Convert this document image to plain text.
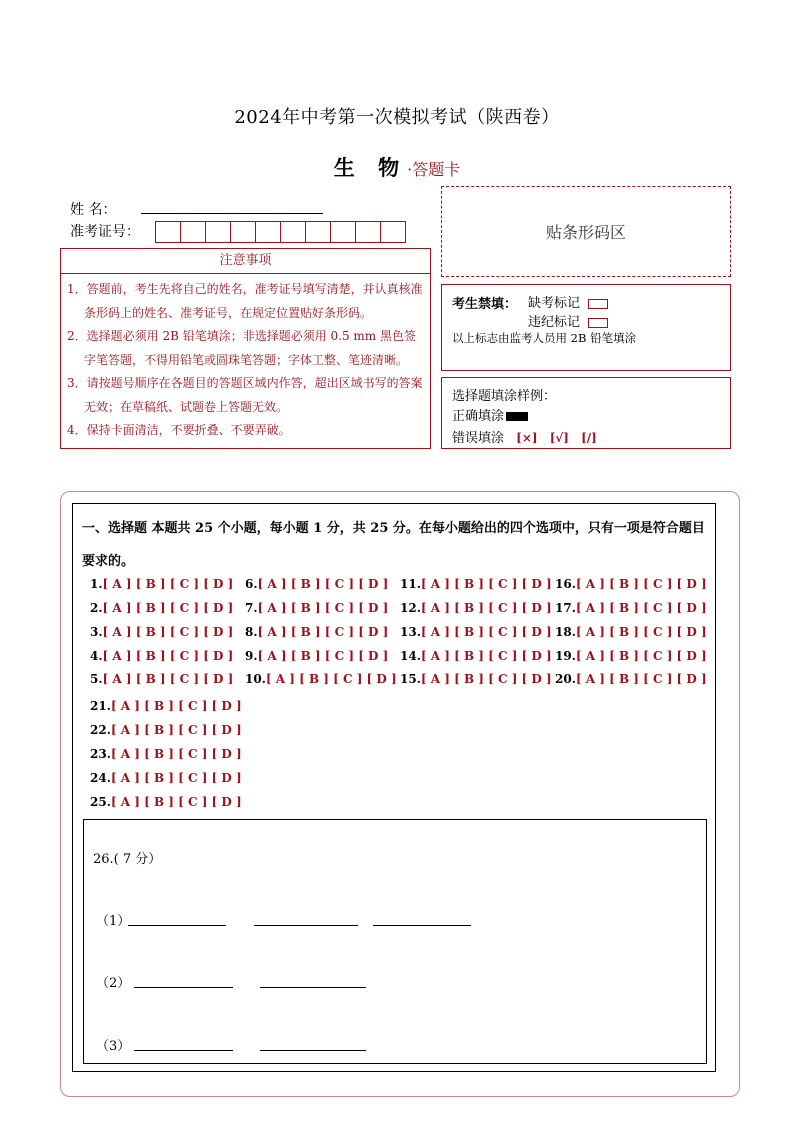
2024年中考第一次模拟考试（陕西卷）
生 物·答题卡
姓 名：
准考证号：	贴条形码区
注意事项
1．答题前，考生先将自己的姓名，准考证号填写清楚，并认真核准条形码上的姓名、准考证号，在规定位置贴好条形码。
2．选择题必须用 2B 铅笔填涂；非选择题必须用 0.5 mm 黑色签字笔答题，不得用铅笔或圆珠笔答题；字体工整、笔迹清晰。
3．请按题号顺序在各题目的答题区域内作答，超出区域书写的答案无效；在草稿纸、试题卷上答题无效。
4．保持卡面清洁，不要折叠、不要弄破。
考生禁填： 缺考标记
违纪标记
以上标志由监考人员用 2B 铅笔填涂
选择题填涂样例：
正确填涂
错误填涂 [×] [√] [/]
一、选择题 本题共 25 个小题，每小题 1 分，共 25 分。在每小题给出的四个选项中，只有一项是符合题目要求的。
1.[ A ] [ B ] [ C ] [ D ]
2.[ A ] [ B ] [ C ] [ D ]
3.[ A ] [ B ] [ C ] [ D ]
4.[ A ] [ B ] [ C ] [ D ]
5.[ A ] [ B ] [ C ] [ D ]
6.[ A ] [ B ] [ C ] [ D ]
7.[ A ] [ B ] [ C ] [ D ]
8.[ A ] [ B ] [ C ] [ D ]
9.[ A ] [ B ] [ C ] [ D ]
10.[ A ] [ B ] [ C ] [ D ]
11.[ A ] [ B ] [ C ] [ D ]
12.[ A ] [ B ] [ C ] [ D ]
13.[ A ] [ B ] [ C ] [ D ]
14.[ A ] [ B ] [ C ] [ D ]
15.[ A ] [ B ] [ C ] [ D ]
16.[ A ] [ B ] [ C ] [ D ]
17.[ A ] [ B ] [ C ] [ D ]
18.[ A ] [ B ] [ C ] [ D ]
19.[ A ] [ B ] [ C ] [ D ]
20.[ A ] [ B ] [ C ] [ D ]
21.[ A ] [ B ] [ C ] [ D ]
22.[ A ] [ B ] [ C ] [ D ]
23.[ A ] [ B ] [ C ] [ D ]
24.[ A ] [ B ] [ C ] [ D ]
25.[ A ] [ B ] [ C ] [ D ]
26.( 7 分）
（1）
（2）
（3）
